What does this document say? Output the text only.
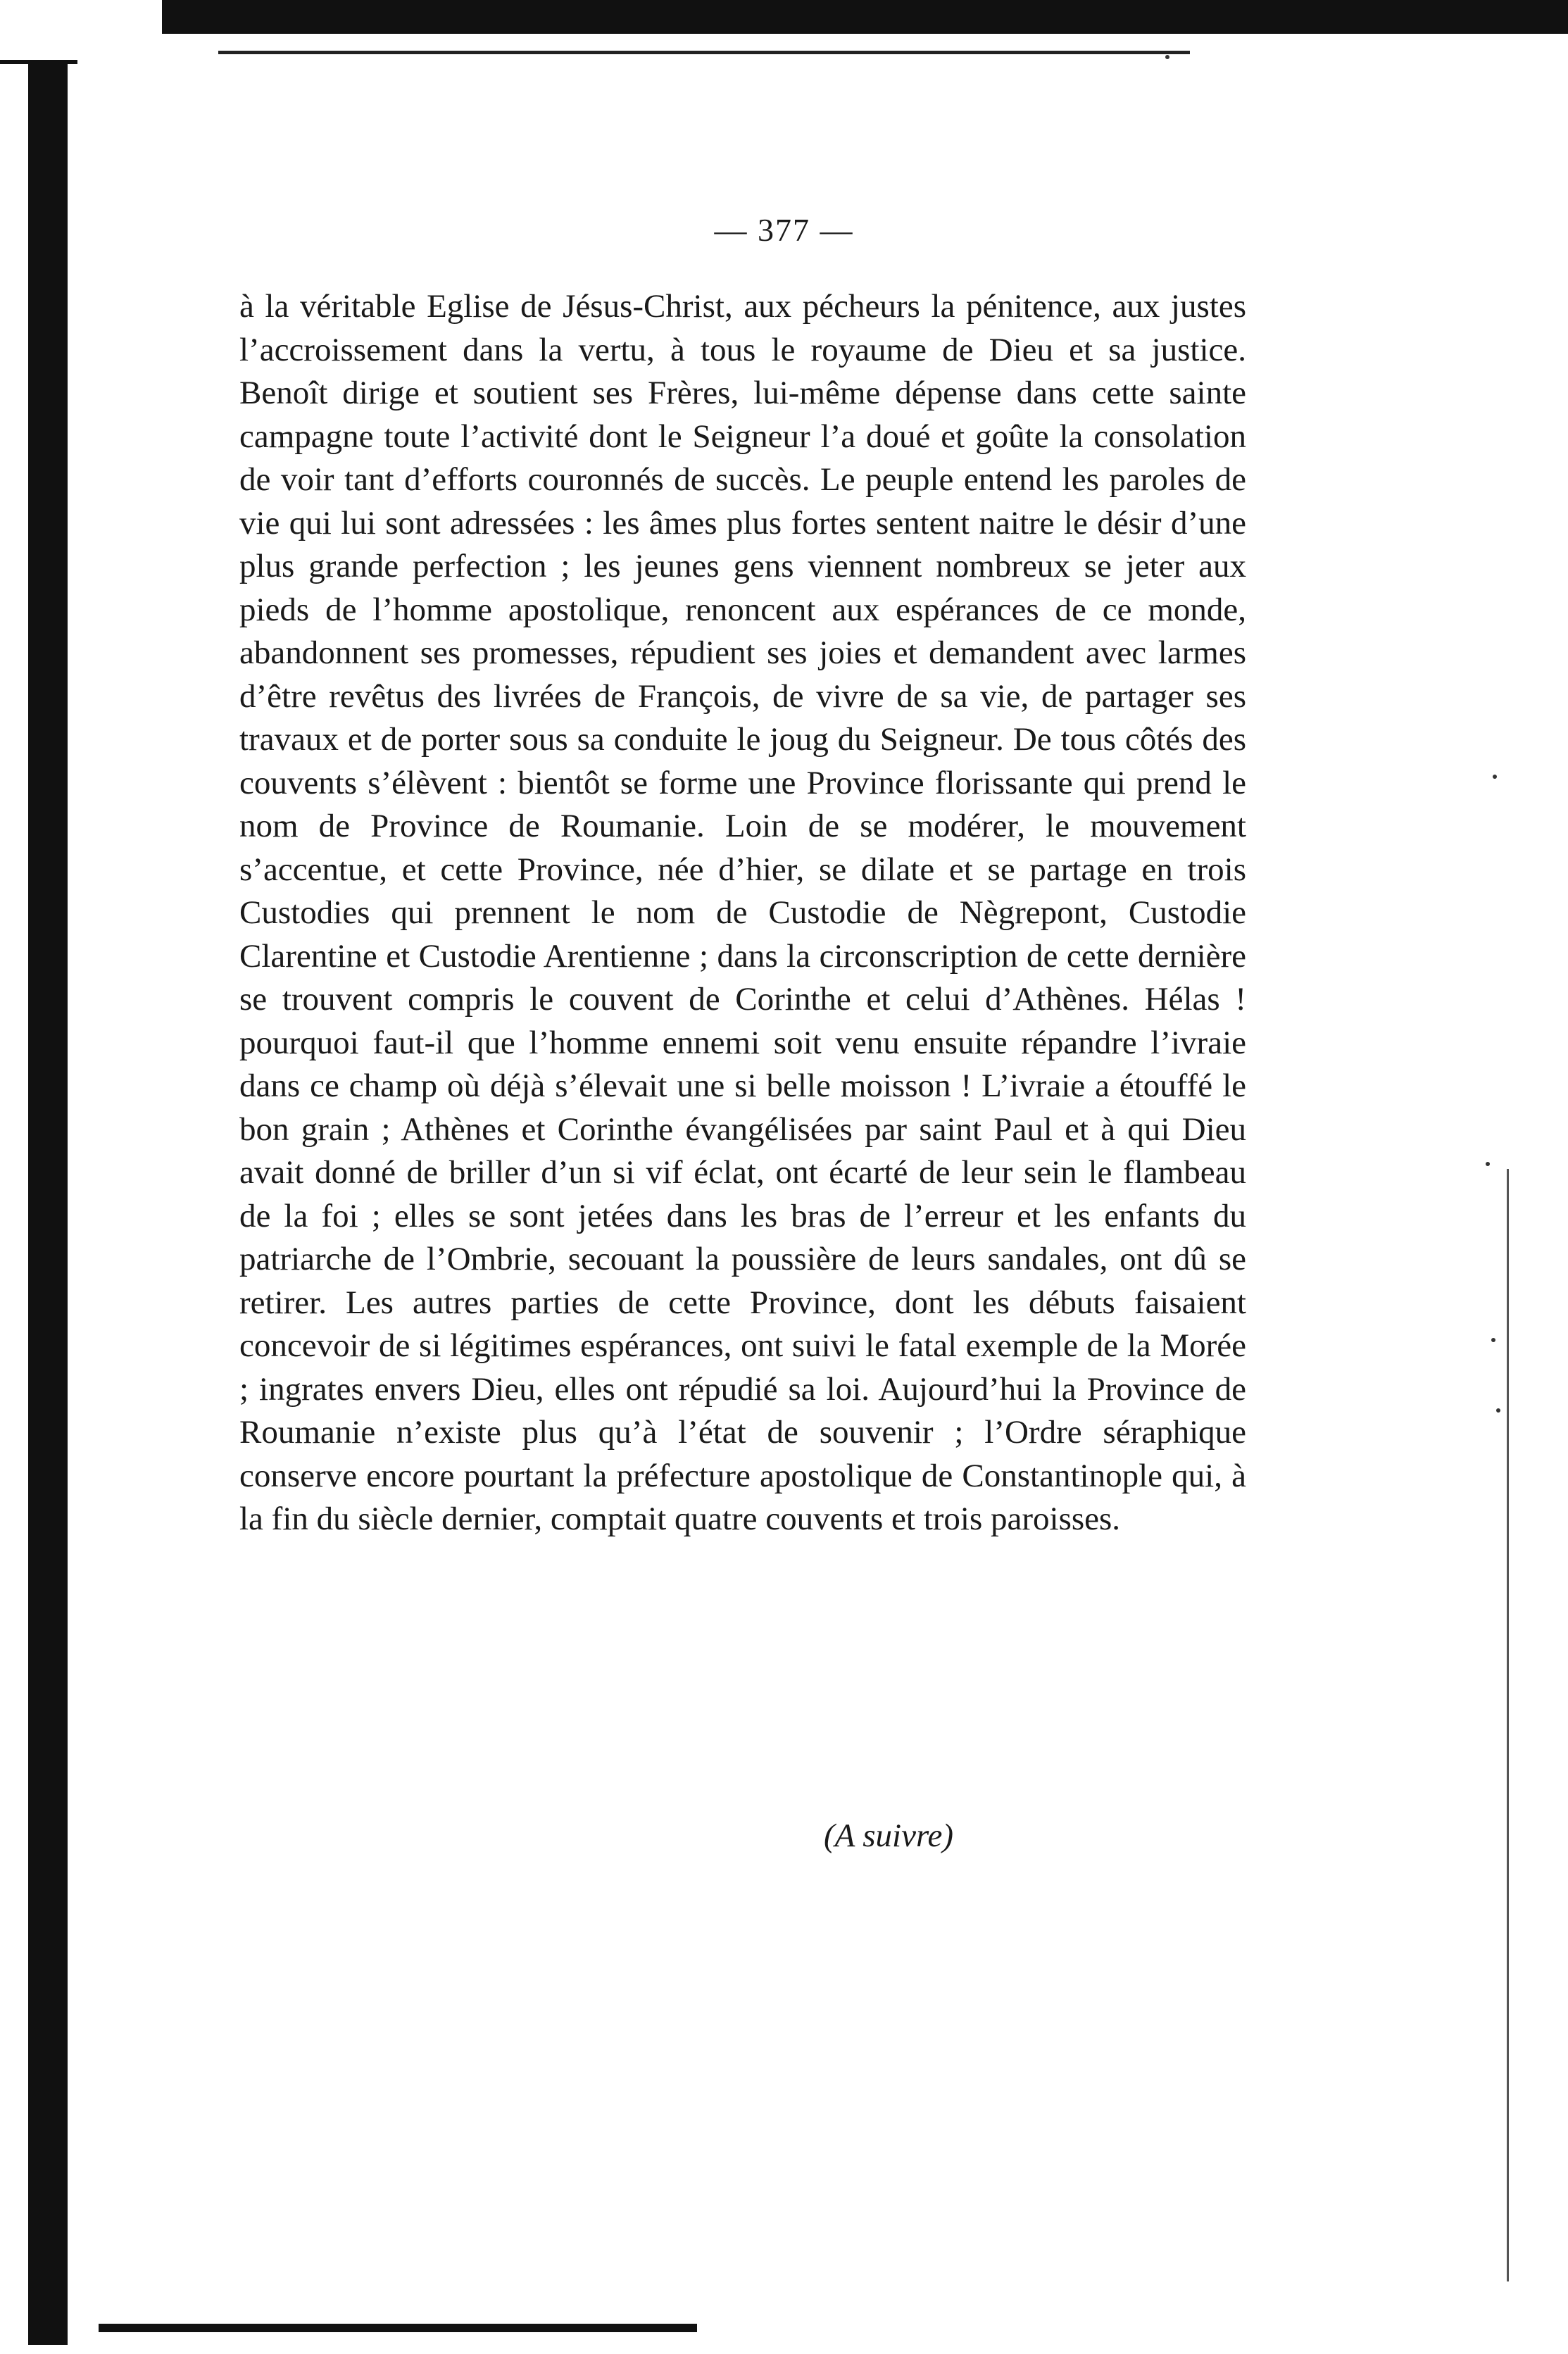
— 377 —

à la véritable Eglise de Jésus-Christ, aux pécheurs la pénitence, aux justes l’accroissement dans la vertu, à tous le royaume de Dieu et sa justice. Benoît dirige et soutient ses Frères, lui-même dépense dans cette sainte campagne toute l’activité dont le Seigneur l’a doué et goûte la consolation de voir tant d’efforts couronnés de succès. Le peuple entend les paroles de vie qui lui sont adressées : les âmes plus fortes sentent naitre le désir d’une plus grande perfection ; les jeunes gens viennent nombreux se jeter aux pieds de l’homme apostolique, renoncent aux espérances de ce monde, abandonnent ses promesses, répudient ses joies et demandent avec larmes d’être revêtus des livrées de François, de vivre de sa vie, de partager ses travaux et de porter sous sa conduite le joug du Seigneur. De tous côtés des couvents s’élèvent : bientôt se forme une Province florissante qui prend le nom de Province de Roumanie. Loin de se modérer, le mouvement s’accentue, et cette Province, née d’hier, se dilate et se partage en trois Custodies qui prennent le nom de Custodie de Nègrepont, Custodie Clarentine et Custodie Arentienne ; dans la circonscription de cette dernière se trouvent compris le couvent de Corinthe et celui d’Athènes. Hélas ! pourquoi faut-il que l’homme ennemi soit venu ensuite répandre l’ivraie dans ce champ où déjà s’élevait une si belle moisson ! L’ivraie a étouffé le bon grain ; Athènes et Corinthe évangélisées par saint Paul et à qui Dieu avait donné de briller d’un si vif éclat, ont écarté de leur sein le flambeau de la foi ; elles se sont jetées dans les bras de l’erreur et les enfants du patriarche de l’Ombrie, secouant la poussière de leurs sandales, ont dû se retirer. Les autres parties de cette Province, dont les débuts faisaient concevoir de si légitimes espérances, ont suivi le fatal exemple de la Morée ; ingrates envers Dieu, elles ont répudié sa loi. Aujourd’hui la Province de Roumanie n’existe plus qu’à l’état de souvenir ; l’Ordre séraphique conserve encore pourtant la préfecture apostolique de Constantinople qui, à la fin du siècle dernier, comptait quatre couvents et trois paroisses.

(A suivre)
